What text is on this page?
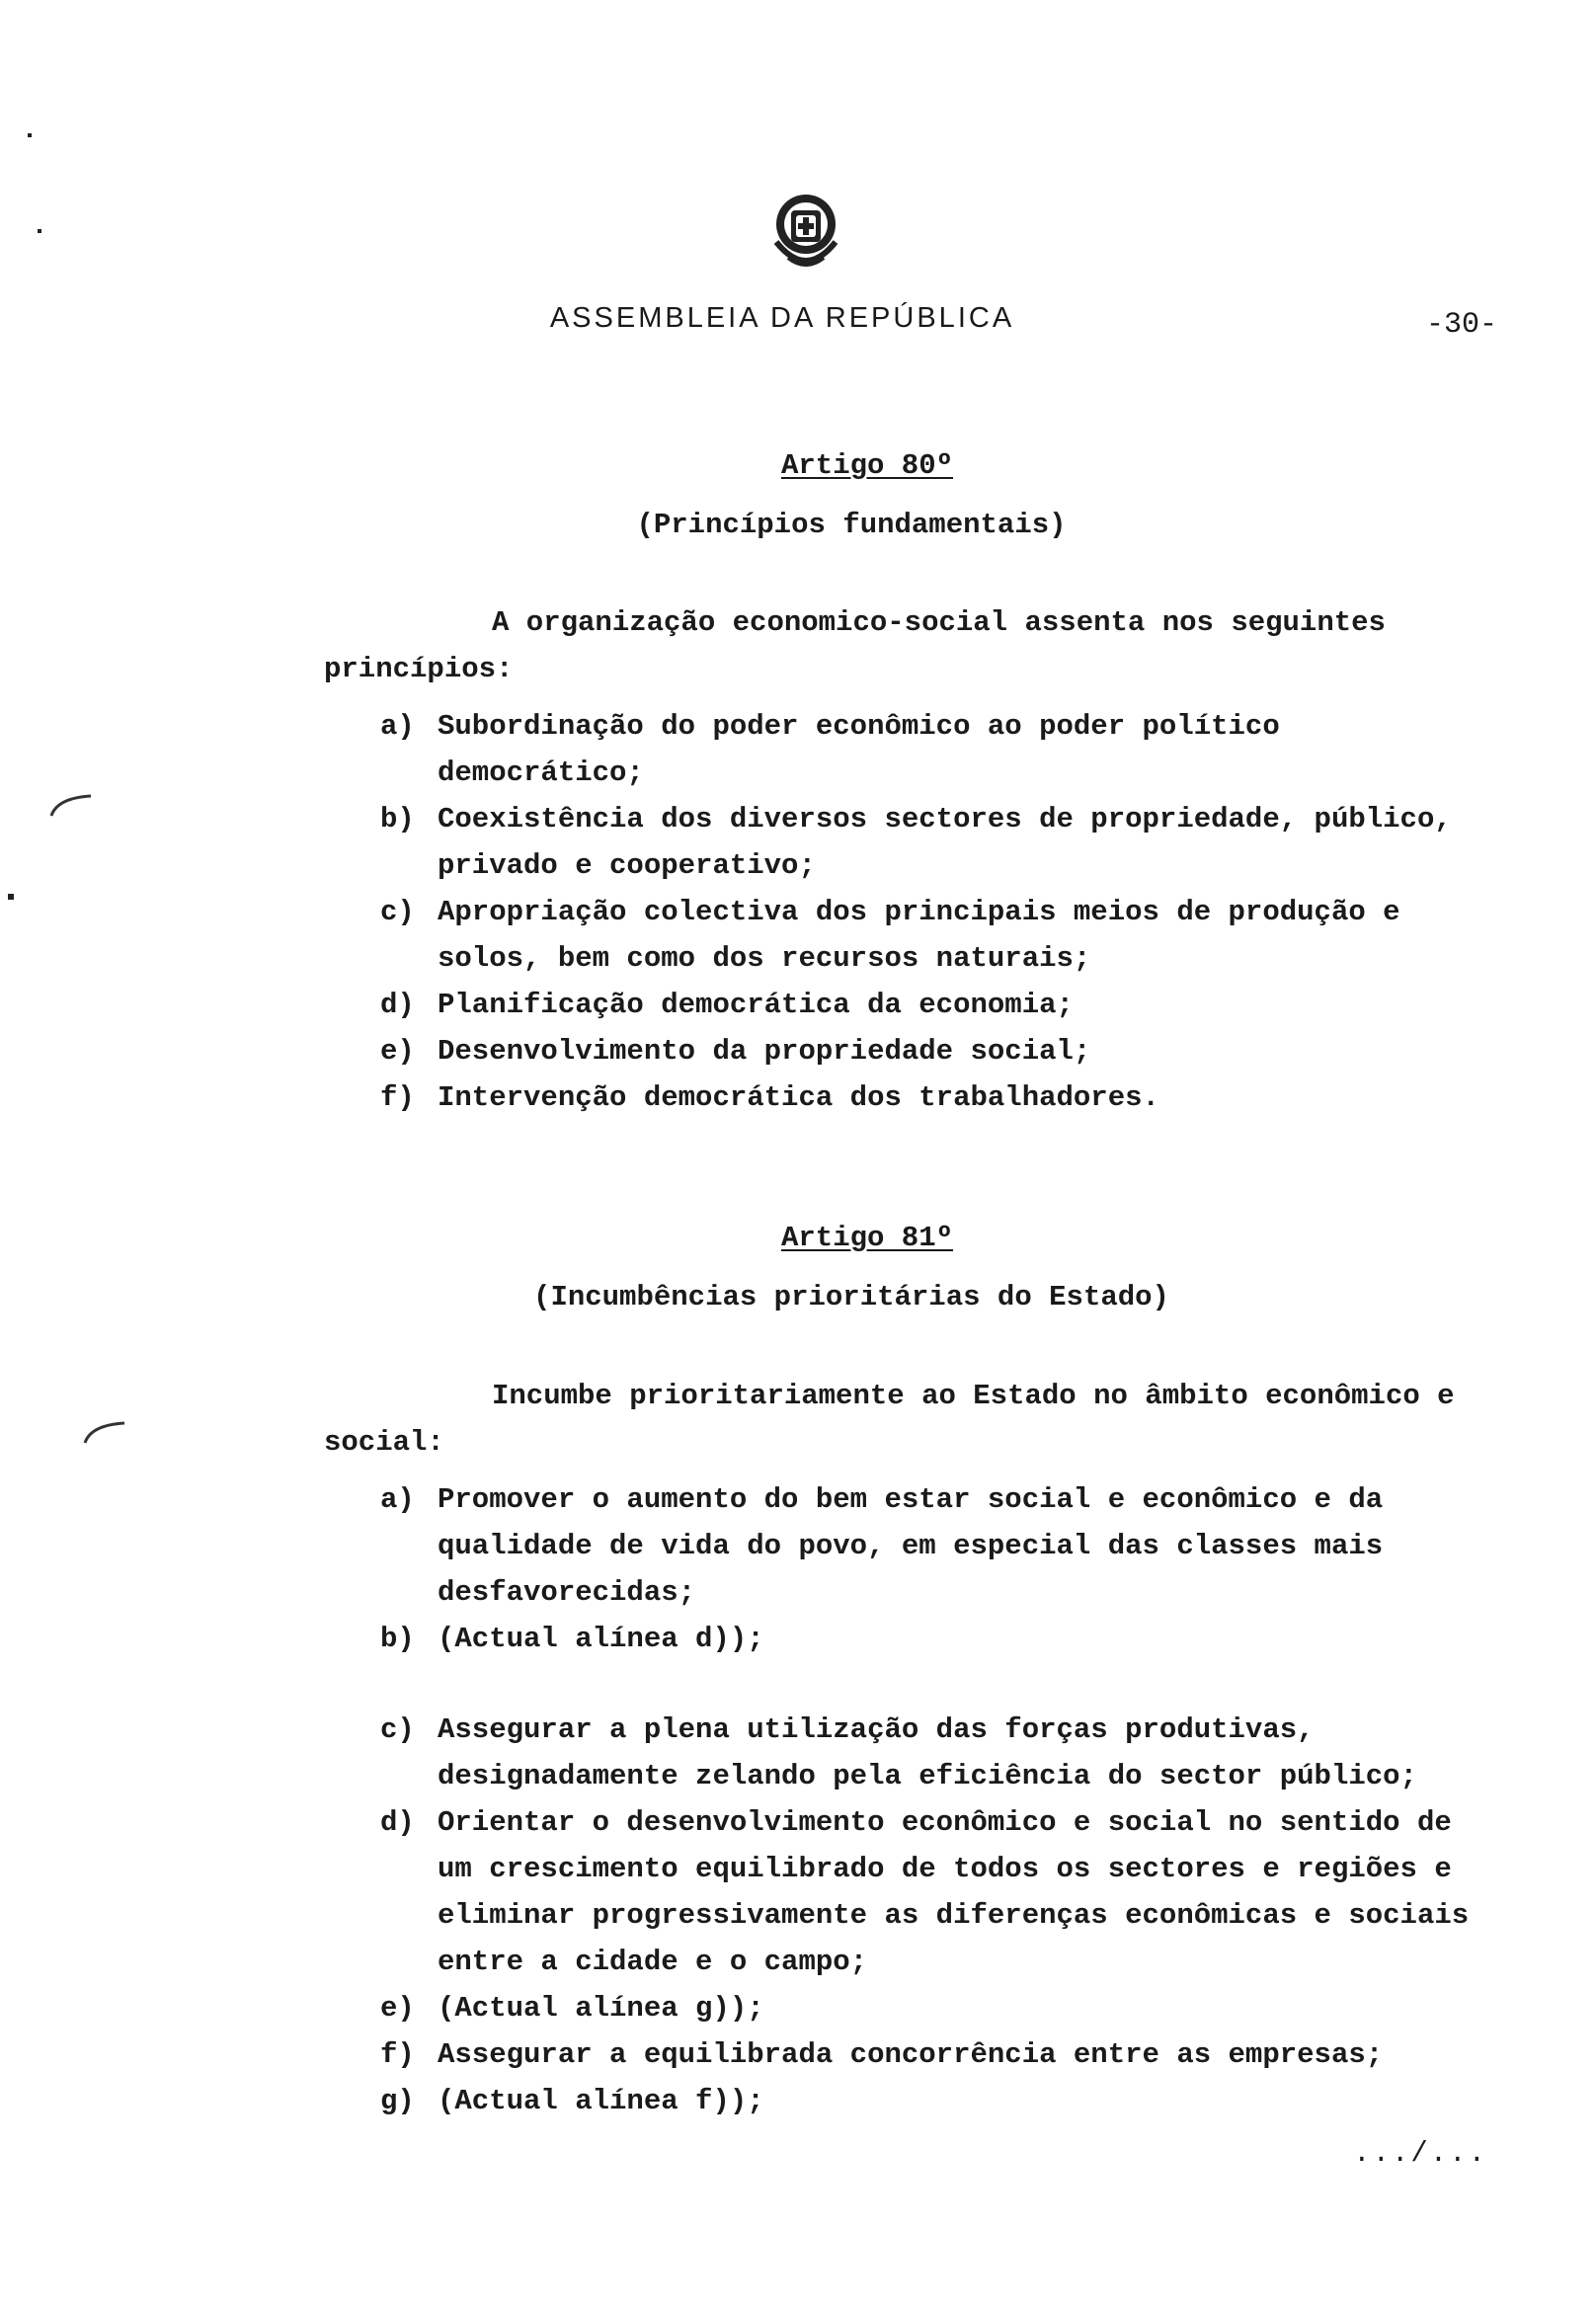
ASSEMBLEIA DA REPÚBLICA	-30-
Artigo 80º
(Princípios fundamentais)
A organização economico-social assenta nos seguintes princípios:
a) Subordinação do poder econômico ao poder político democrático;
b) Coexistência dos diversos sectores de propriedade, público, privado e cooperativo;
c) Apropriação colectiva dos principais meios de produção e solos, bem como dos recursos naturais;
d) Planificação democrática da economia;
e) Desenvolvimento da propriedade social;
f) Intervenção democrática dos trabalhadores.
Artigo 81º
(Incumbências prioritárias do Estado)
Incumbe prioritariamente ao Estado no âmbito econômico e social:
a) Promover o aumento do bem estar social e econômico e da qualidade de vida do povo, em especial das classes mais desfavorecidas;
b) (Actual alínea d));
c) Assegurar a plena utilização das forças produtivas, designadamente zelando pela eficiência do sector público;
d) Orientar o desenvolvimento econômico e social no sentido de um crescimento equilibrado de todos os sectores e regiões e eliminar progressivamente as diferenças econômicas e sociais entre a cidade e o campo;
e) (Actual alínea g));
f) Assegurar a equilibrada concorrência entre as empresas;
g) (Actual alínea f));
.../...
